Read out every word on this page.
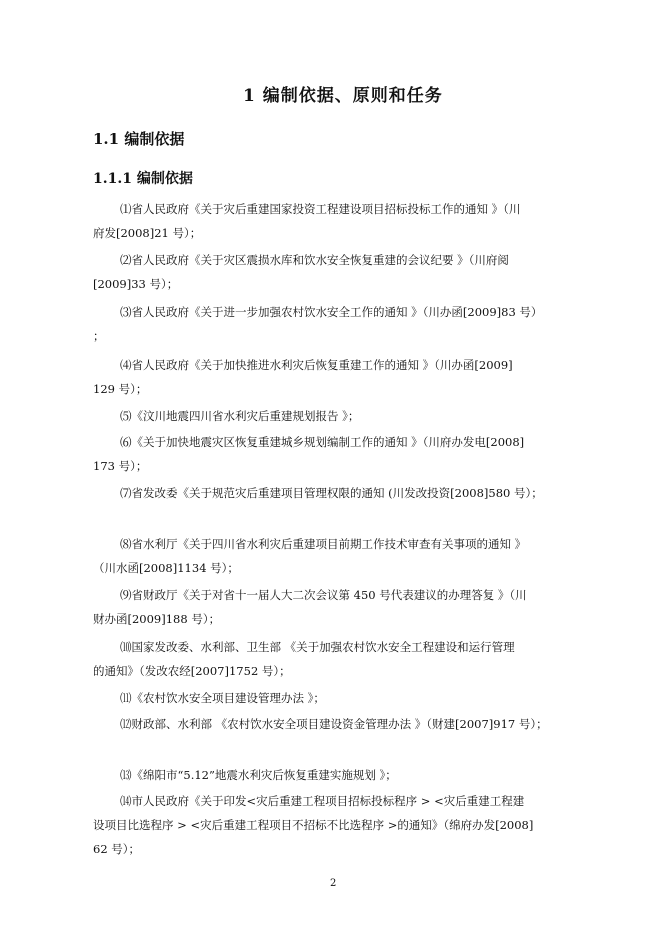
1 编制依据、原则和任务
1.1 编制依据
1.1.1 编制依据
⑴省人民政府《关于灾后重建国家投资工程建设项目招标投标工作的通知 》（川
府发[2008]21 号）；
⑵省人民政府《关于灾区震损水库和饮水安全恢复重建的会议纪要 》（川府阅
[2009]33 号）；
⑶省人民政府《关于进一步加强农村饮水安全工作的通知 》（川办函[2009]83 号）
；
⑷省人民政府《关于加快推进水利灾后恢复重建工作的通知 》（川办函[2009]
129 号）；
⑸《汶川地震四川省水利灾后重建规划报告 》；
⑹《关于加快地震灾区恢复重建城乡规划编制工作的通知 》（川府办发电[2008]
173 号）；
⑺省发改委《关于规范灾后重建项目管理权限的通知 (川发改投资[2008]580 号）；
⑻省水利厅《关于四川省水利灾后重建项目前期工作技术审查有关事项的通知 》
（川水函[2008]1134 号）；
⑼省财政厅《关于对省十一届人大二次会议第 450 号代表建议的办理答复 》（川
财办函[2009]188 号）；
⑽国家发改委、水利部、卫生部 《关于加强农村饮水安全工程建设和运行管理
的通知》（发改农经[2007]1752 号）；
⑾《农村饮水安全项目建设管理办法 》；
⑿财政部、水利部 《农村饮水安全项目建设资金管理办法 》（财建[2007]917 号）；
⒀《绵阳市“5.12”地震水利灾后恢复重建实施规划 》；
⒁市人民政府《关于印发<灾后重建工程项目招标投标程序 > <灾后重建工程建
设项目比选程序 > <灾后重建工程项目不招标不比选程序 >的通知》（绵府办发[2008]
62 号）；
2
